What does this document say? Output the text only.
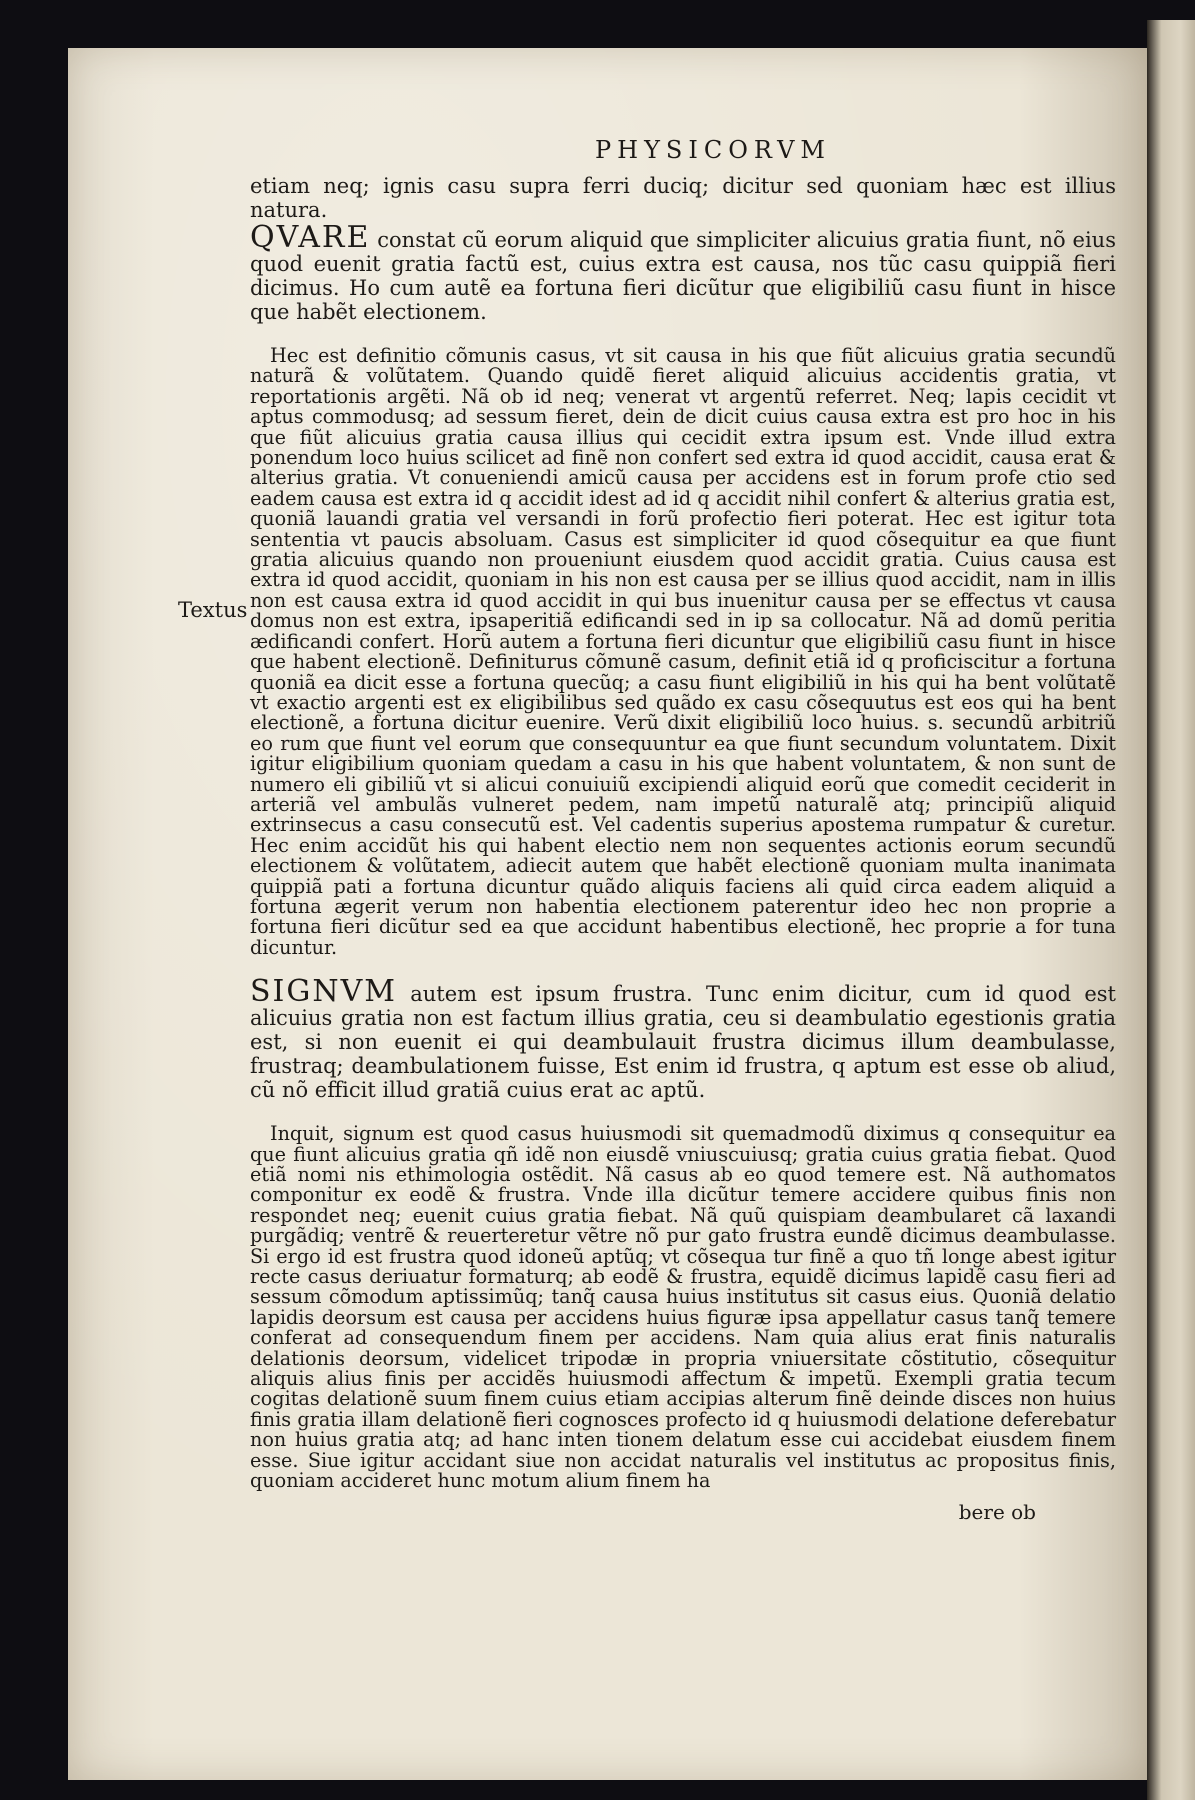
Textus
PHYSICORVM

etiam neq; ignis casu supra ferri duciq; dicitur sed quoniam hæc est illius natura.

QVARE constat cũ eorum aliquid que simpliciter alicuius gratia fiunt, nõ eius quod euenit gratia factũ est, cuius extra est causa, nos tũc casu quippiã fieri dicimus. Ho cum autẽ ea fortuna fieri dicũtur que eligibiliũ casu fiunt in hisce que habẽt electionem.

Hec est definitio cõmunis casus, vt sit causa in his que fiũt alicuius gratia secundũ naturã & volũtatem. Quando quidẽ fieret aliquid alicuius accidentis gratia, vt reportationis argẽti. Nã ob id neq; venerat vt argentũ referret. Neq; lapis cecidit vt aptus commodusq; ad sessum fieret, dein de dicit cuius causa extra est pro hoc in his que fiũt alicuius gratia causa illius qui cecidit extra ipsum est. Vnde illud extra ponendum loco huius scilicet ad finẽ non confert sed extra id quod accidit, causa erat & alterius gratia. Vt conueniendi amicũ causa per accidens est in forum profe ctio sed eadem causa est extra id q accidit idest ad id q accidit nihil confert & alterius gratia est, quoniã lauandi gratia vel versandi in forũ profectio fieri poterat. Hec est igitur tota sententia vt paucis absoluam. Casus est simpliciter id quod cõsequitur ea que fiunt gratia alicuius quando non proueniunt eiusdem quod accidit gratia. Cuius causa est extra id quod accidit, quoniam in his non est causa per se illius quod accidit, nam in illis non est causa extra id quod accidit in qui bus inuenitur causa per se effectus vt causa domus non est extra, ipsaperitiã edificandi sed in ip sa collocatur. Nã ad domũ peritia ædificandi confert. Horũ autem a fortuna fieri dicuntur que eligibiliũ casu fiunt in hisce que habent electionẽ. Definiturus cõmunẽ casum, definit etiã id q proficiscitur a fortuna quoniã ea dicit esse a fortuna quecũq; a casu fiunt eligibiliũ in his qui ha bent volũtatẽ vt exactio argenti est ex eligibilibus sed quãdo ex casu cõsequutus est eos qui ha bent electionẽ, a fortuna dicitur euenire. Verũ dixit eligibiliũ loco huius. s. secundũ arbitriũ eo rum que fiunt vel eorum que consequuntur ea que fiunt secundum voluntatem. Dixit igitur eligibilium quoniam quedam a casu in his que habent voluntatem, & non sunt de numero eli gibiliũ vt si alicui conuiuiũ excipiendi aliquid eorũ que comedit ceciderit in arteriã vel ambulãs vulneret pedem, nam impetũ naturalẽ atq; principiũ aliquid extrinsecus a casu consecutũ est. Vel cadentis superius apostema rumpatur & curetur. Hec enim accidũt his qui habent electio nem non sequentes actionis eorum secundũ electionem & volũtatem, adiecit autem que habẽt electionẽ quoniam multa inanimata quippiã pati a fortuna dicuntur quãdo aliquis faciens ali quid circa eadem aliquid a fortuna ægerit verum non habentia electionem paterentur ideo hec non proprie a fortuna fieri dicũtur sed ea que accidunt habentibus electionẽ, hec proprie a for tuna dicuntur.

SIGNVM autem est ipsum frustra. Tunc enim dicitur, cum id quod est alicuius gratia non est factum illius gratia, ceu si deambulatio egestionis gratia est, si non euenit ei qui deambulauit frustra dicimus illum deambulasse, frustraq; deambulationem fuisse, Est enim id frustra, q aptum est esse ob aliud, cũ nõ efficit illud gratiã cuius erat ac aptũ.

Inquit, signum est quod casus huiusmodi sit quemadmodũ diximus q consequitur ea que fiunt alicuius gratia qñ idẽ non eiusdẽ vniuscuiusq; gratia cuius gratia fiebat. Quod etiã nomi nis ethimologia ostẽdit. Nã casus ab eo quod temere est. Nã authomatos componitur ex eodẽ & frustra. Vnde illa dicũtur temere accidere quibus finis non respondet neq; euenit cuius gratia fiebat. Nã quũ quispiam deambularet cã laxandi purgãdiq; ventrẽ & reuerteretur vẽtre nõ pur gato frustra eundẽ dicimus deambulasse. Si ergo id est frustra quod idoneũ aptũq; vt cõsequa tur finẽ a quo tñ longe abest igitur recte casus deriuatur formaturq; ab eodẽ & frustra, equidẽ dicimus lapidẽ casu fieri ad sessum cõmodum aptissimũq; tanq̃ causa huius institutus sit casus eius. Quoniã delatio lapidis deorsum est causa per accidens huius figuræ ipsa appellatur casus tanq̃ temere conferat ad consequendum finem per accidens. Nam quia alius erat finis naturalis delationis deorsum, videlicet tripodæ in propria vniuersitate cõstitutio, cõsequitur aliquis alius finis per accidẽs huiusmodi affectum & impetũ. Exempli gratia tecum cogitas delationẽ suum finem cuius etiam accipias alterum finẽ deinde disces non huius finis gratia illam delationẽ fieri cognosces profecto id q huiusmodi delatione deferebatur non huius gratia atq; ad hanc inten tionem delatum esse cui accidebat eiusdem finem esse. Siue igitur accidant siue non accidat naturalis vel institutus ac propositus finis, quoniam accideret hunc motum alium finem ha

bere ob
